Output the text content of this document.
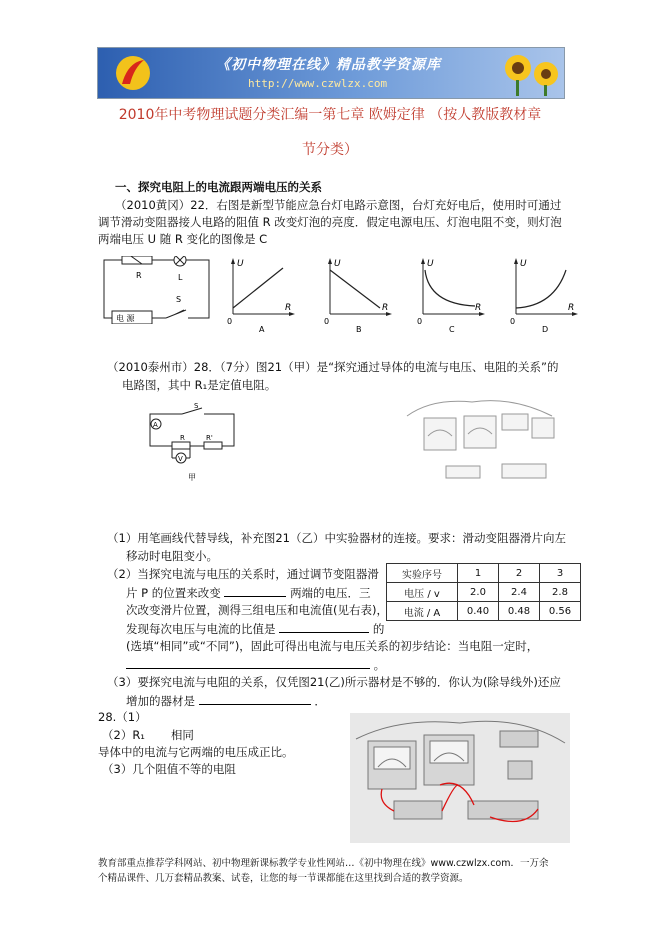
《初中物理在线》精品教学资源库
http://www.czwlzx.com
2010年中考物理试题分类汇编一第七章 欧姆定律 （按人教版教材章
节分类）
一、探究电阻上的电流跟两端电压的关系
（2010黄冈）22．右图是新型节能应急台灯电路示意图，台灯充好电后，使用时可通过
调节滑动变阻器接人电路的阻值 R 改变灯泡的亮度．假定电源电压、灯泡电阻不变，则灯泡
两端电压 U 随 R 变化的图像是 C
R	L
S
电 源
U
R
0
A
U
R
0
B
U
R
0
C
U
R
0
D
（2010泰州市）28．（7分）图21（甲）是“探究通过导体的电流与电压、电阻的关系”的
电路图，其中 R₁是定值电阻。
S
A
R	R'
V
甲
（1）用笔画线代替导线，补充图21（乙）中实验器材的连接。要求：滑动变阻器滑片向左
移动时电阻变小。
（2）当探究电流与电压的关系时，通过调节变阻器滑
片 P 的位置来改变	两端的电压．三
次改变滑片位置，测得三组电压和电流值(见右表)，
发现每次电压与电流的比值是	的
(选填“相同”或“不同”)，固此可得出电流与电压关系的初步结论：当电阻一定时，
。
实验序号	1	2	3
电压 / v	2.0	2.4	2.8
电流 / A	0.40	0.48	0.56
（3）要探究电流与电阻的关系，仅凭图21(乙)所示器材是不够的．你认为(除导线外)还应
增加的器材是	．
28.（1）
（2）R₁ 相同
导体中的电流与它两端的电压成正比。
（3）几个阻值不等的电阻
教育部重点推荐学科网站、初中物理新课标教学专业性网站…《初中物理在线》www.czwlzx.com．一万余
个精品课件、几万套精品教案、试卷，让您的每一节课都能在这里找到合适的教学资源。
